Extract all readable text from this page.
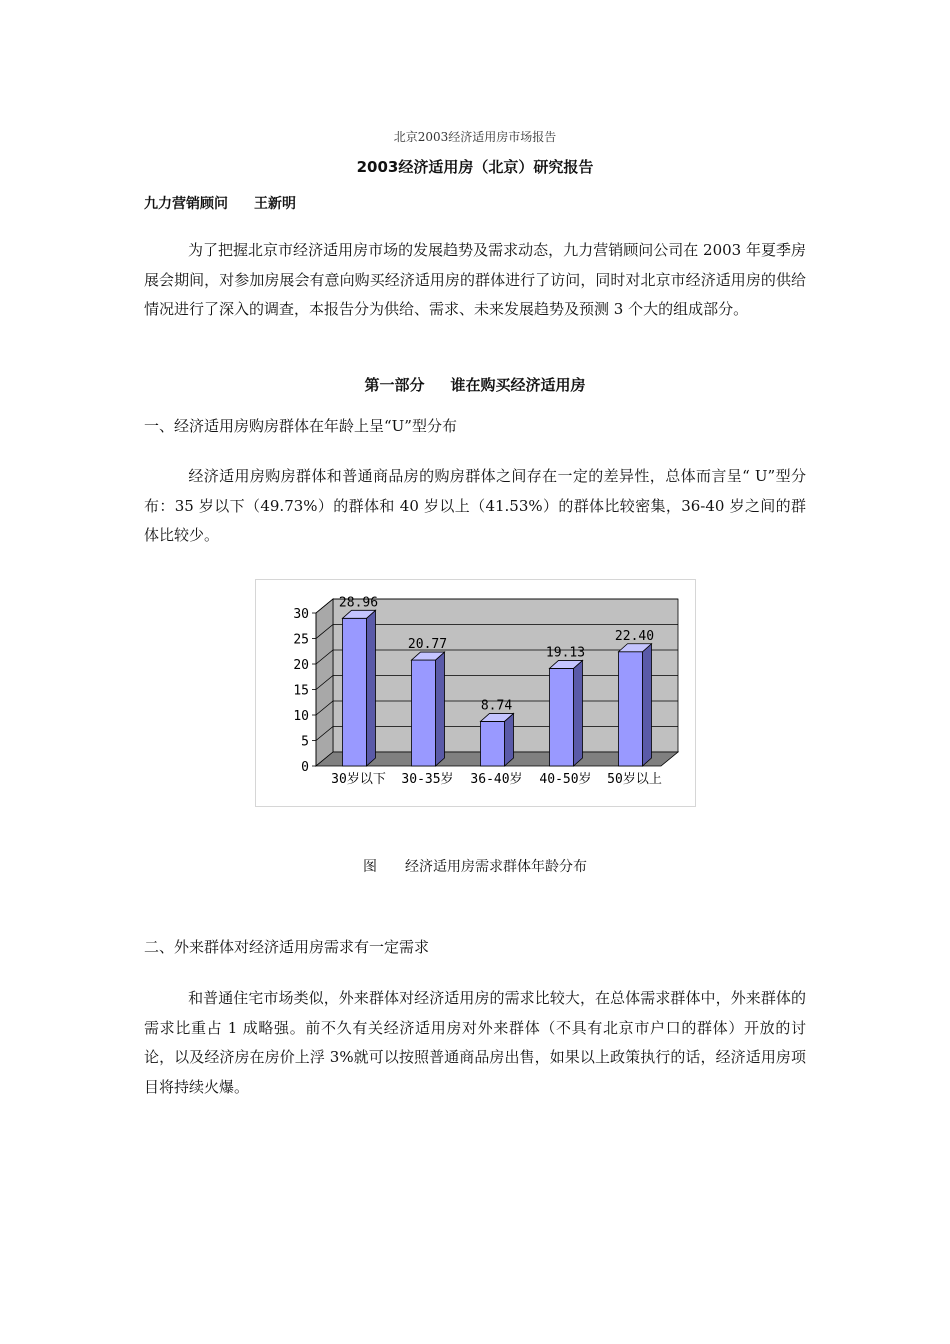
北京2003经济适用房市场报告
2003经济适用房（北京）研究报告
九力营销顾问 王新明
为了把握北京市经济适用房市场的发展趋势及需求动态，九力营销顾问公司在 2003 年夏季房展会期间，对参加房展会有意向购买经济适用房的群体进行了访问，同时对北京市经济适用房的供给情况进行了深入的调查，本报告分为供给、需求、未来发展趋势及预测 3 个大的组成部分。
第一部分 谁在购买经济适用房
一、经济适用房购房群体在年龄上呈“U”型分布
经济适用房购房群体和普通商品房的购房群体之间存在一定的差异性，总体而言呈“ U”型分布：35 岁以下（49.73%）的群体和 40 岁以上（41.53%）的群体比较密集，36-40 岁之间的群体比较少。
0
5
10
15
20
25
30
28.96
30岁以下
20.77
30-35岁
8.74
36-40岁
19.13
40-50岁
22.40
50岁以上
图 经济适用房需求群体年龄分布
二、外来群体对经济适用房需求有一定需求
和普通住宅市场类似，外来群体对经济适用房的需求比较大，在总体需求群体中，外来群体的需求比重占 1 成略强。前不久有关经济适用房对外来群体（不具有北京市户口的群体）开放的讨论，以及经济房在房价上浮 3%就可以按照普通商品房出售，如果以上政策执行的话，经济适用房项目将持续火爆。
